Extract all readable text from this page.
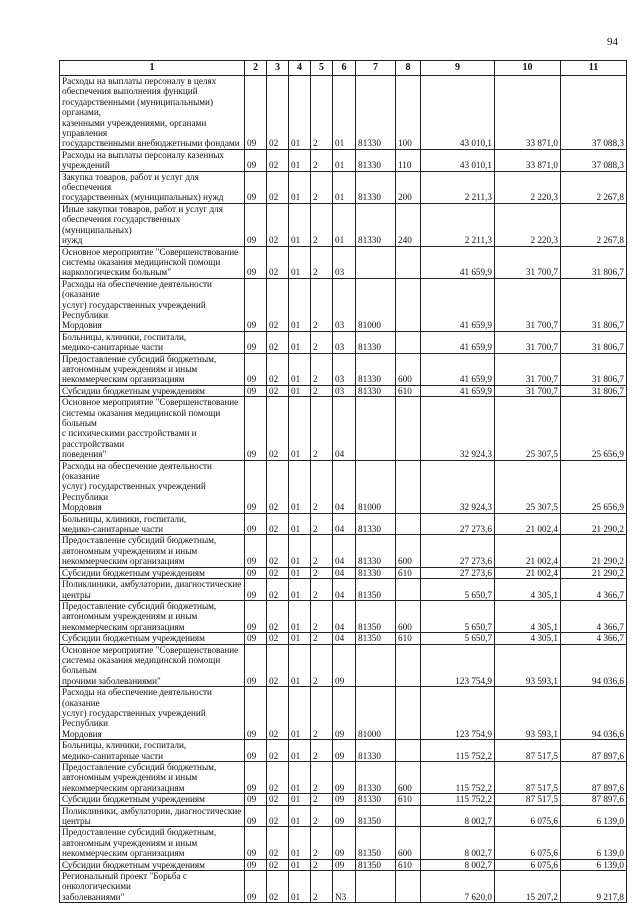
94
1	2	3	4	5	6	7	8	9	10	11
Расходы на выплаты персоналу в целях
обеспечения выполнения функций
государственными (муниципальными) органами,
казенными учреждениями, органами управления
государственными внебюджетными фондами	09	02	01	2	01	81330	100	43 010,1	33 871,0	37 088,3
Расходы на выплаты персоналу казенных
учреждений	09	02	01	2	01	81330	110	43 010,1	33 871,0	37 088,3
Закупка товаров, работ и услуг для обеспечения
государственных (муниципальных) нужд	09	02	01	2	01	81330	200	2 211,3	2 220,3	2 267,8
Иные закупки товаров, работ и услуг для
обеспечения государственных (муниципальных)
нужд	09	02	01	2	01	81330	240	2 211,3	2 220,3	2 267,8
Основное мероприятие "Совершенствование
системы оказания медицинской помощи
наркологическим больным"	09	02	01	2	03			41 659,9	31 700,7	31 806,7
Расходы на обеспечение деятельности (оказание
услуг) государственных учреждений Республики
Мордовия	09	02	01	2	03	81000		41 659,9	31 700,7	31 806,7
Больницы, клиники, госпитали,
медико-санитарные части	09	02	01	2	03	81330		41 659,9	31 700,7	31 806,7
Предоставление субсидий бюджетным,
автономным учреждениям и иным
некоммерческим организациям	09	02	01	2	03	81330	600	41 659,9	31 700,7	31 806,7
Субсидии бюджетным учреждениям	09	02	01	2	03	81330	610	41 659,9	31 700,7	31 806,7
Основное мероприятие "Совершенствование
системы оказания медицинской помощи больным
с психическими расстройствами и расстройствами
поведения"	09	02	01	2	04			32 924,3	25 307,5	25 656,9
Расходы на обеспечение деятельности (оказание
услуг) государственных учреждений Республики
Мордовия	09	02	01	2	04	81000		32 924,3	25 307,5	25 656,9
Больницы, клиники, госпитали,
медико-санитарные части	09	02	01	2	04	81330		27 273,6	21 002,4	21 290,2
Предоставление субсидий бюджетным,
автономным учреждениям и иным
некоммерческим организациям	09	02	01	2	04	81330	600	27 273,6	21 002,4	21 290,2
Субсидии бюджетным учреждениям	09	02	01	2	04	81330	610	27 273,6	21 002,4	21 290,2
Поликлиники, амбулатории, диагностические
центры	09	02	01	2	04	81350		5 650,7	4 305,1	4 366,7
Предоставление субсидий бюджетным,
автономным учреждениям и иным
некоммерческим организациям	09	02	01	2	04	81350	600	5 650,7	4 305,1	4 366,7
Субсидии бюджетным учреждениям	09	02	01	2	04	81350	610	5 650,7	4 305,1	4 366,7
Основное мероприятие "Совершенствование
системы оказания медицинской помощи больным
прочими заболеваниями"	09	02	01	2	09			123 754,9	93 593,1	94 036,6
Расходы на обеспечение деятельности (оказание
услуг) государственных учреждений Республики
Мордовия	09	02	01	2	09	81000		123 754,9	93 593,1	94 036,6
Больницы, клиники, госпитали,
медико-санитарные части	09	02	01	2	09	81330		115 752,2	87 517,5	87 897,6
Предоставление субсидий бюджетным,
автономным учреждениям и иным
некоммерческим организациям	09	02	01	2	09	81330	600	115 752,2	87 517,5	87 897,6
Субсидии бюджетным учреждениям	09	02	01	2	09	81330	610	115 752,2	87 517,5	87 897,6
Поликлиники, амбулатории, диагностические
центры	09	02	01	2	09	81350		8 002,7	6 075,6	6 139,0
Предоставление субсидий бюджетным,
автономным учреждениям и иным
некоммерческим организациям	09	02	01	2	09	81350	600	8 002,7	6 075,6	6 139,0
Субсидии бюджетным учреждениям	09	02	01	2	09	81350	610	8 002,7	6 075,6	6 139,0
Региональный проект "Борьба с онкологическими
заболеваниями"	09	02	01	2	N3			7 620,0	15 207,2	9 217,8
